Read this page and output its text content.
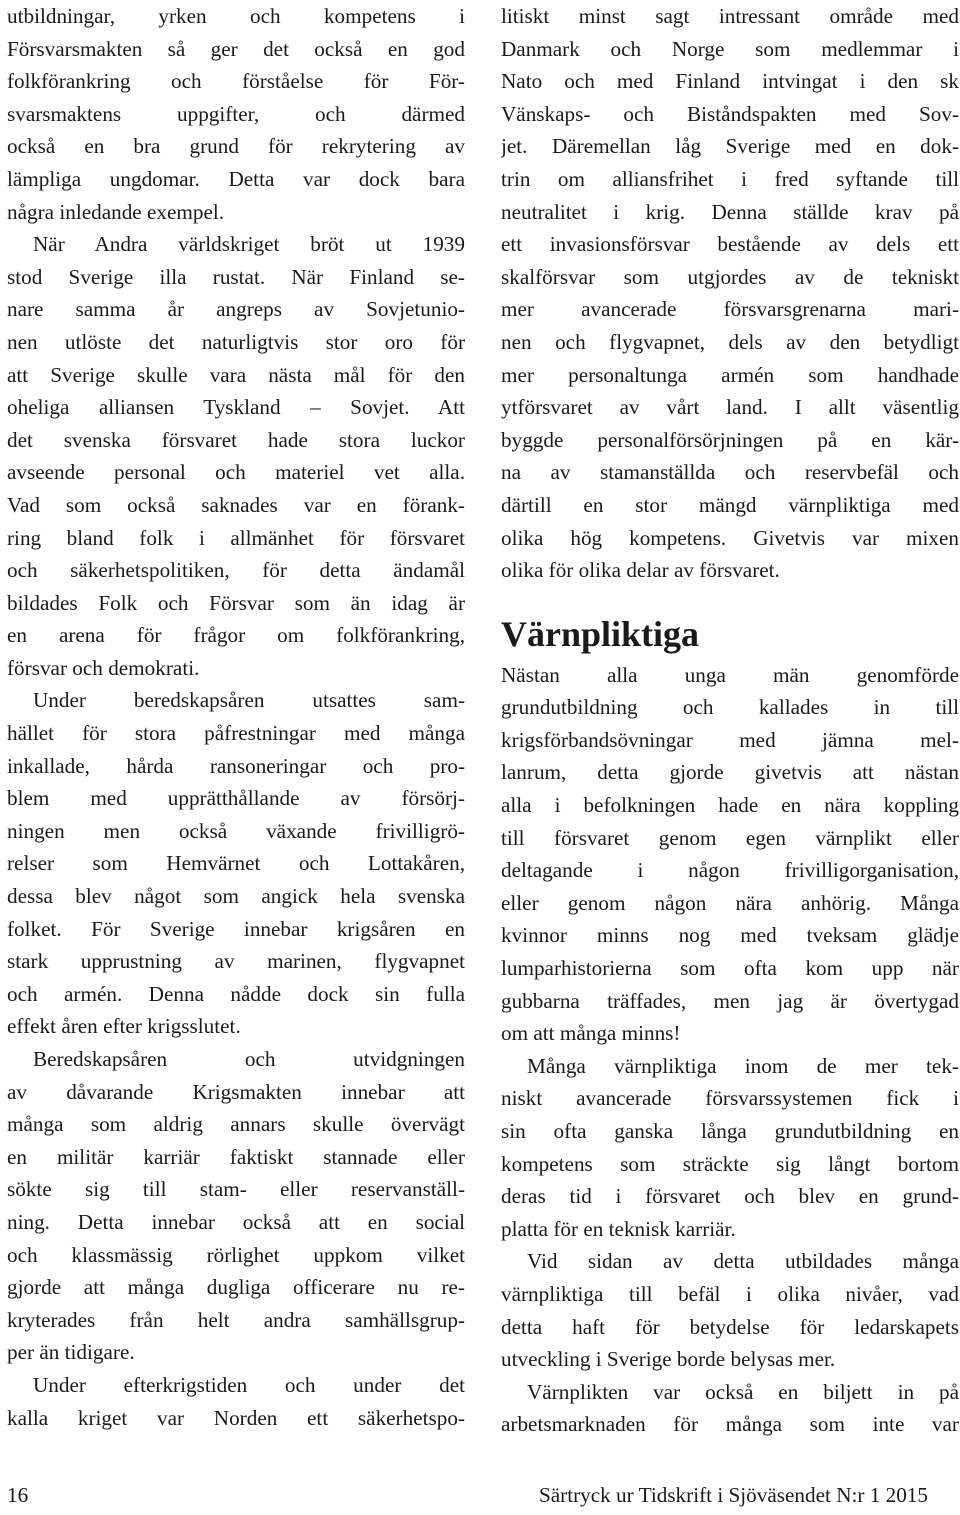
utbildningar, yrken och kompetens i
Försvarsmakten så ger det också en god
folkförankring och förståelse för För-
svarsmaktens uppgifter, och därmed
också en bra grund för rekrytering av
lämpliga ungdomar. Detta var dock bara
några inledande exempel.
När Andra världskriget bröt ut 1939
stod Sverige illa rustat. När Finland se-
nare samma år angreps av Sovjetunio-
nen utlöste det naturligtvis stor oro för
att Sverige skulle vara nästa mål för den
oheliga alliansen Tyskland – Sovjet. Att
det svenska försvaret hade stora luckor
avseende personal och materiel vet alla.
Vad som också saknades var en förank-
ring bland folk i allmänhet för försvaret
och säkerhetspolitiken, för detta ändamål
bildades Folk och Försvar som än idag är
en arena för frågor om folkförankring,
försvar och demokrati.
Under beredskapsåren utsattes sam-
hället för stora påfrestningar med många
inkallade, hårda ransoneringar och pro-
blem med upprätthållande av försörj-
ningen men också växande frivilligrö-
relser som Hemvärnet och Lottakåren,
dessa blev något som angick hela svenska
folket. För Sverige innebar krigsåren en
stark upprustning av marinen, flygvapnet
och armén. Denna nådde dock sin fulla
effekt åren efter krigsslutet.
Beredskapsåren och utvidgningen
av dåvarande Krigsmakten innebar att
många som aldrig annars skulle övervägt
en militär karriär faktiskt stannade eller
sökte sig till stam- eller reservanställ-
ning. Detta innebar också att en social
och klassmässig rörlighet uppkom vilket
gjorde att många dugliga officerare nu re-
kryterades från helt andra samhällsgrup-
per än tidigare.
Under efterkrigstiden och under det
kalla kriget var Norden ett säkerhetspo-
litiskt minst sagt intressant område med
Danmark och Norge som medlemmar i
Nato och med Finland intvingat i den sk
Vänskaps- och Biståndspakten med Sov-
jet. Däremellan låg Sverige med en dok-
trin om alliansfrihet i fred syftande till
neutralitet i krig. Denna ställde krav på
ett invasionsförsvar bestående av dels ett
skalförsvar som utgjordes av de tekniskt
mer avancerade försvarsgrenarna mari-
nen och flygvapnet, dels av den betydligt
mer personaltunga armén som handhade
ytförsvaret av vårt land. I allt väsentlig
byggde personalförsörjningen på en kär-
na av stamanställda och reservbefäl och
därtill en stor mängd värnpliktiga med
olika hög kompetens. Givetvis var mixen
olika för olika delar av försvaret.
Värnpliktiga
Nästan alla unga män genomförde
grundutbildning och kallades in till
krigsförbandsövningar med jämna mel-
lanrum, detta gjorde givetvis att nästan
alla i befolkningen hade en nära koppling
till försvaret genom egen värnplikt eller
deltagande i någon frivilligorganisation,
eller genom någon nära anhörig. Många
kvinnor minns nog med tveksam glädje
lumparhistorierna som ofta kom upp när
gubbarna träffades, men jag är övertygad
om att många minns!
Många värnpliktiga inom de mer tek-
niskt avancerade försvarssystemen fick i
sin ofta ganska långa grundutbildning en
kompetens som sträckte sig långt bortom
deras tid i försvaret och blev en grund-
platta för en teknisk karriär.
Vid sidan av detta utbildades många
värnpliktiga till befäl i olika nivåer, vad
detta haft för betydelse för ledarskapets
utveckling i Sverige borde belysas mer.
Värnplikten var också en biljett in på
arbetsmarknaden för många som inte var
16	Särtryck ur Tidskrift i Sjöväsendet N:r 1 2015
